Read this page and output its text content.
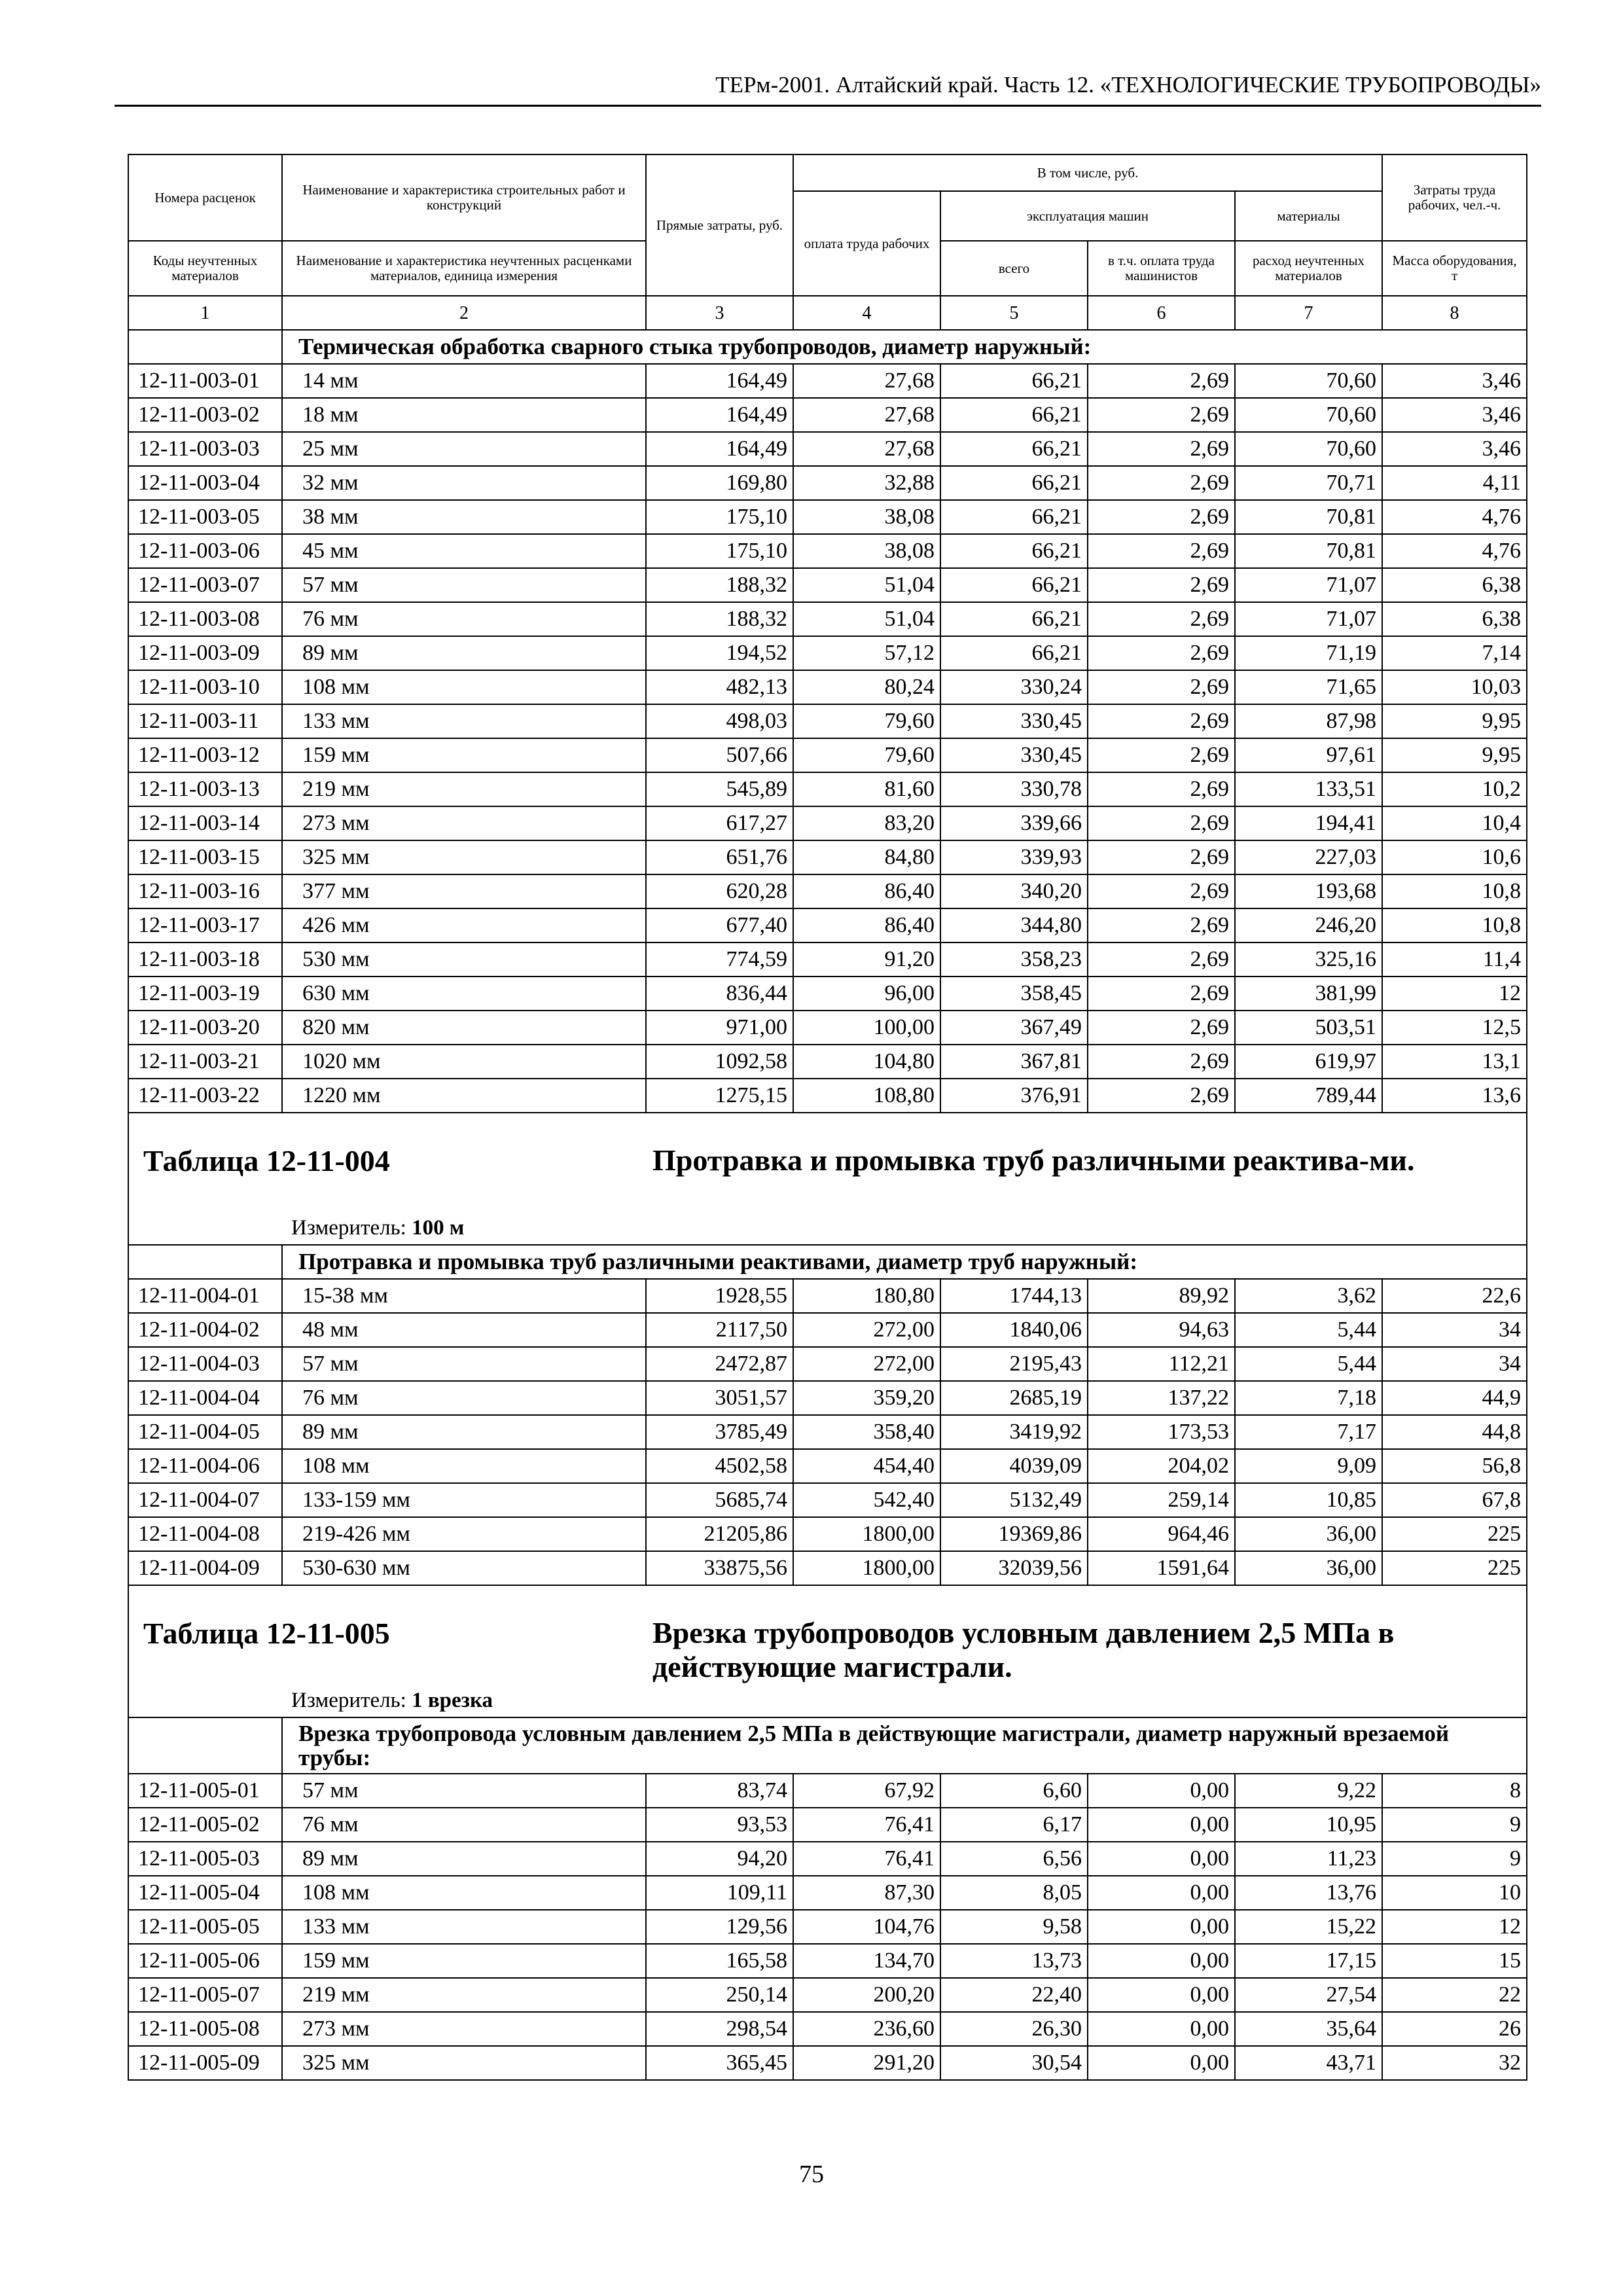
ТЕРм-2001. Алтайский край. Часть 12. «ТЕХНОЛОГИЧЕСКИЕ ТРУБОПРОВОДЫ»
Номера расценок	Наименование и характеристика строительных работ и конструкций	Прямые затраты, руб.	В том числе, руб.				Затраты труда рабочих, чел.-ч.
			оплата труда рабочих	эксплуатация машин		материалы	
Коды неучтенных материалов	Наименование и характеристика неучтенных расценками материалов, единица измерения			всего	в т.ч. оплата труда машинистов	расход неучтенных материалов	Масса оборудования, т
1	2	3	4	5	6	7	8
	Термическая обработка сварного стыка трубопроводов, диаметр наружный:						
12-11-003-01	14 мм	164,49	27,68	66,21	2,69	70,60	3,46
12-11-003-02	18 мм	164,49	27,68	66,21	2,69	70,60	3,46
12-11-003-03	25 мм	164,49	27,68	66,21	2,69	70,60	3,46
12-11-003-04	32 мм	169,80	32,88	66,21	2,69	70,71	4,11
12-11-003-05	38 мм	175,10	38,08	66,21	2,69	70,81	4,76
12-11-003-06	45 мм	175,10	38,08	66,21	2,69	70,81	4,76
12-11-003-07	57 мм	188,32	51,04	66,21	2,69	71,07	6,38
12-11-003-08	76 мм	188,32	51,04	66,21	2,69	71,07	6,38
12-11-003-09	89 мм	194,52	57,12	66,21	2,69	71,19	7,14
12-11-003-10	108 мм	482,13	80,24	330,24	2,69	71,65	10,03
12-11-003-11	133 мм	498,03	79,60	330,45	2,69	87,98	9,95
12-11-003-12	159 мм	507,66	79,60	330,45	2,69	97,61	9,95
12-11-003-13	219 мм	545,89	81,60	330,78	2,69	133,51	10,2
12-11-003-14	273 мм	617,27	83,20	339,66	2,69	194,41	10,4
12-11-003-15	325 мм	651,76	84,80	339,93	2,69	227,03	10,6
12-11-003-16	377 мм	620,28	86,40	340,20	2,69	193,68	10,8
12-11-003-17	426 мм	677,40	86,40	344,80	2,69	246,20	10,8
12-11-003-18	530 мм	774,59	91,20	358,23	2,69	325,16	11,4
12-11-003-19	630 мм	836,44	96,00	358,45	2,69	381,99	12
12-11-003-20	820 мм	971,00	100,00	367,49	2,69	503,51	12,5
12-11-003-21	1020 мм	1092,58	104,80	367,81	2,69	619,97	13,1
12-11-003-22	1220 мм	1275,15	108,80	376,91	2,69	789,44	13,6

Таблица 12-11-004 Протравка и промывка труб различными реактива-ми.
Измеритель: 100 м							

	Протравка и промывка труб различными реактивами, диаметр труб наружный:						
12-11-004-01	15-38 мм	1928,55	180,80	1744,13	89,92	3,62	22,6
12-11-004-02	48 мм	2117,50	272,00	1840,06	94,63	5,44	34
12-11-004-03	57 мм	2472,87	272,00	2195,43	112,21	5,44	34
12-11-004-04	76 мм	3051,57	359,20	2685,19	137,22	7,18	44,9
12-11-004-05	89 мм	3785,49	358,40	3419,92	173,53	7,17	44,8
12-11-004-06	108 мм	4502,58	454,40	4039,09	204,02	9,09	56,8
12-11-004-07	133-159 мм	5685,74	542,40	5132,49	259,14	10,85	67,8
12-11-004-08	219-426 мм	21205,86	1800,00	19369,86	964,46	36,00	225
12-11-004-09	530-630 мм	33875,56	1800,00	32039,56	1591,64	36,00	225

Таблица 12-11-005 Врезка трубопроводов условным давлением 2,5 МПа в действующие магистрали.
Измеритель: 1 врезка							

	Врезка трубопровода условным давлением 2,5 МПа в действующие магистрали, диаметр наружный врезаемой трубы:						
12-11-005-01	57 мм	83,74	67,92	6,60	0,00	9,22	8
12-11-005-02	76 мм	93,53	76,41	6,17	0,00	10,95	9
12-11-005-03	89 мм	94,20	76,41	6,56	0,00	11,23	9
12-11-005-04	108 мм	109,11	87,30	8,05	0,00	13,76	10
12-11-005-05	133 мм	129,56	104,76	9,58	0,00	15,22	12
12-11-005-06	159 мм	165,58	134,70	13,73	0,00	17,15	15
12-11-005-07	219 мм	250,14	200,20	22,40	0,00	27,54	22
12-11-005-08	273 мм	298,54	236,60	26,30	0,00	35,64	26
12-11-005-09	325 мм	365,45	291,20	30,54	0,00	43,71	32
75
